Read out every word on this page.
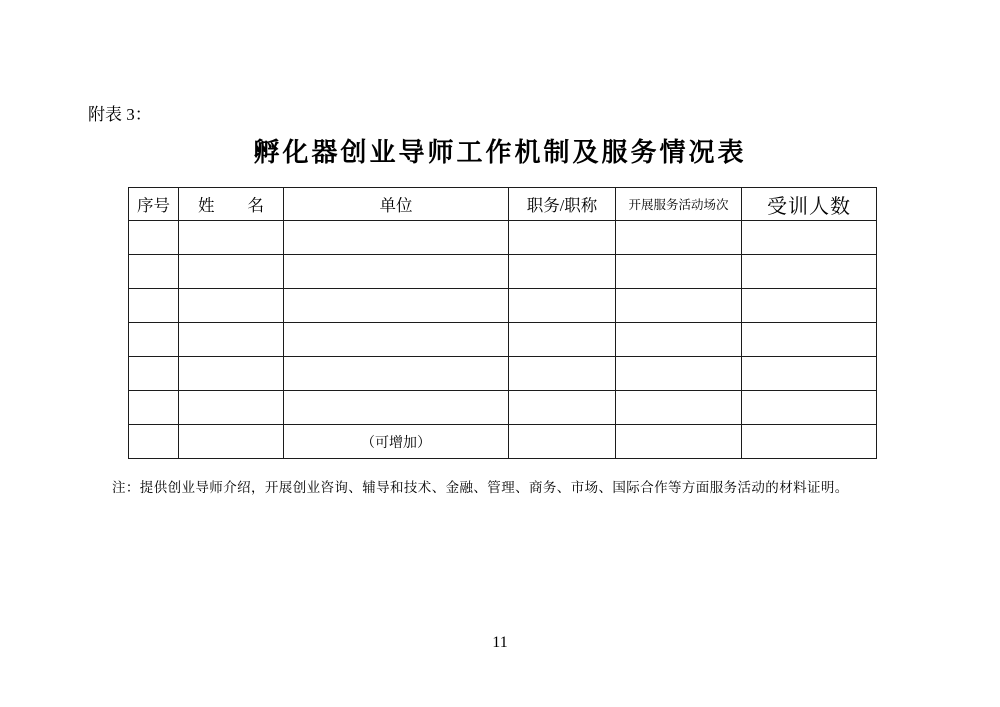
附表 3：
孵化器创业导师工作机制及服务情况表
序号	姓　　名	单位	职务/职称	开展服务活动场次	受训人数

		（可增加）			
注：提供创业导师介绍，开展创业咨询、辅导和技术、金融、管理、商务、市场、国际合作等方面服务活动的材料证明。
11
